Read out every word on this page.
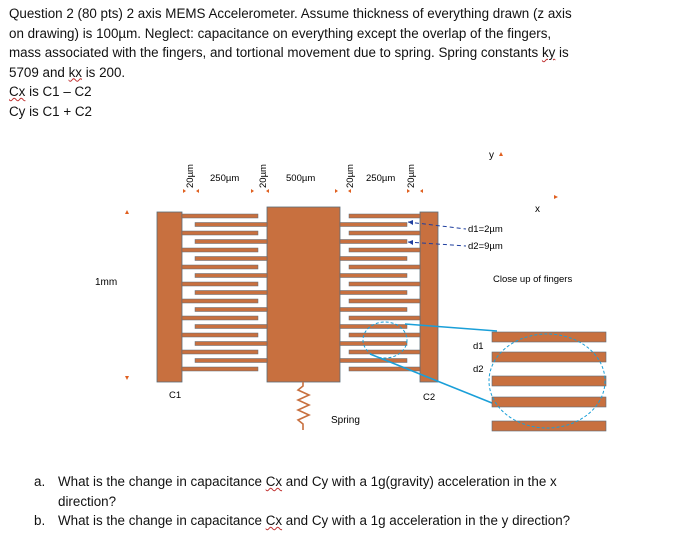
Question 2 (80 pts) 2 axis MEMS Accelerometer. Assume thickness of everything drawn (z axis

on drawing) is 100µm. Neglect: capacitance on everything except the overlap of the fingers,

mass associated with the fingers, and tortional movement due to spring. Spring constants ky is

5709 and kx is 200.

Cx is C1 – C2

Cy is C1 + C2

Spring
20µm	20µm	20µm	20µm
250µm	500µm	250µm
1mm
C1	C2
d1=2µm
d2=9µm
y
x
Close up of fingers
d1
d2
a. What is the change in capacitance Cx and Cy with a 1g(gravity) acceleration in the x
direction?
b. What is the change in capacitance Cx and Cy with a 1g acceleration in the y direction?
